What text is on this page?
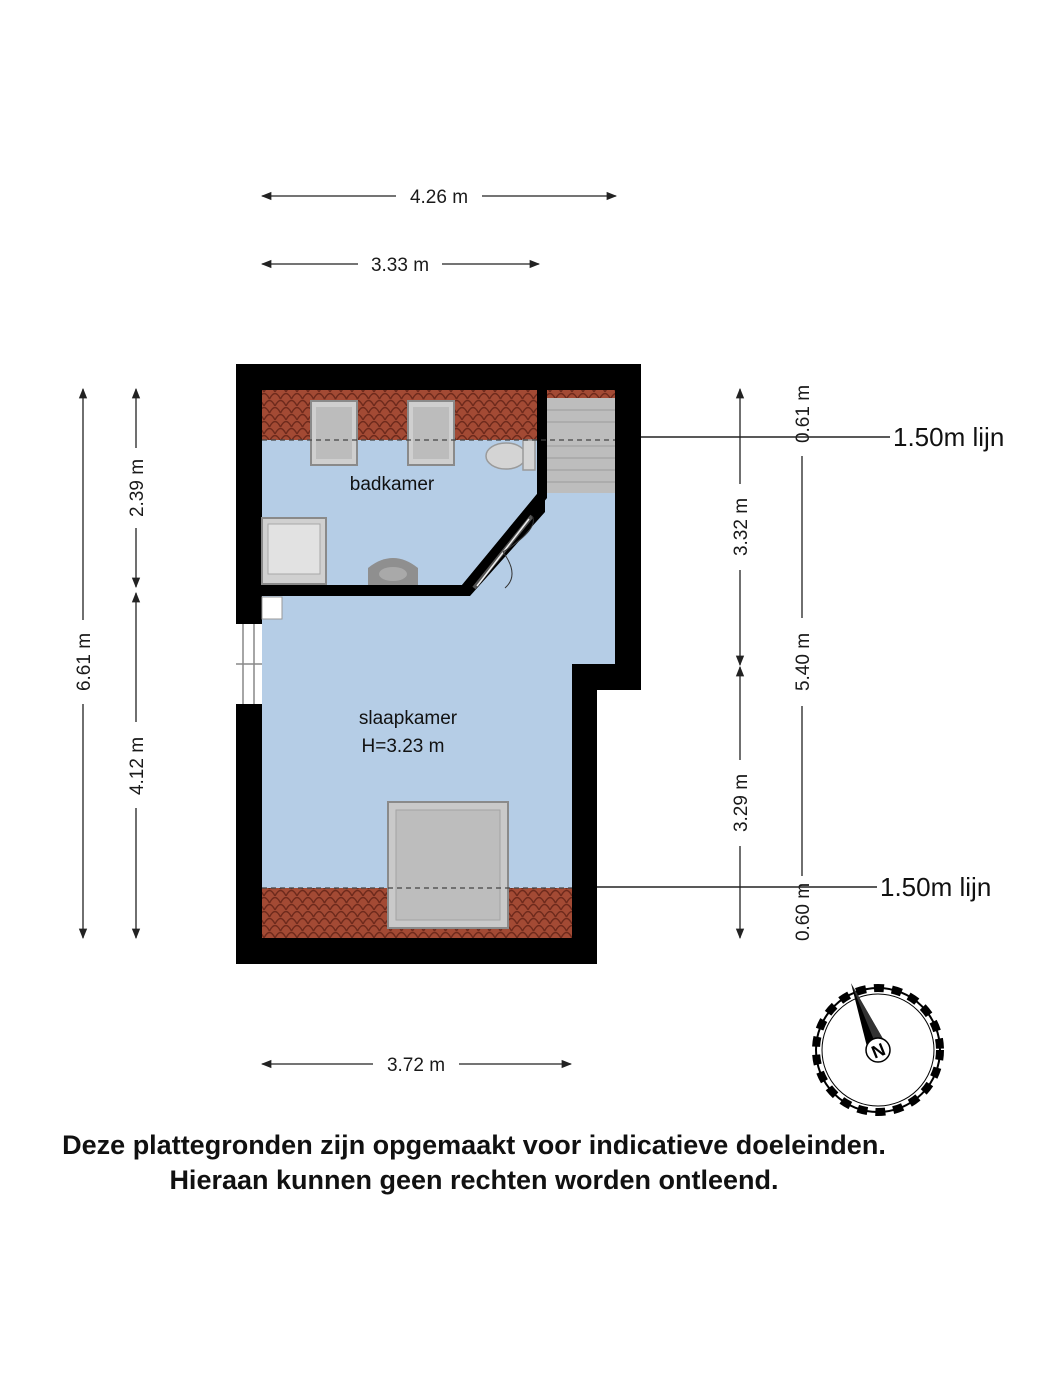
badkamer
slaapkamer
H=3.23 m
4.26 m
3.33 m
3.72 m
6.61 m
2.39 m
4.12 m
3.32 m
3.29 m
5.40 m
0.61 m
0.60 m
1.50m lijn
1.50m lijn
N
Deze plattegronden zijn opgemaakt voor indicatieve doeleinden.
Hieraan kunnen geen rechten worden ontleend.
